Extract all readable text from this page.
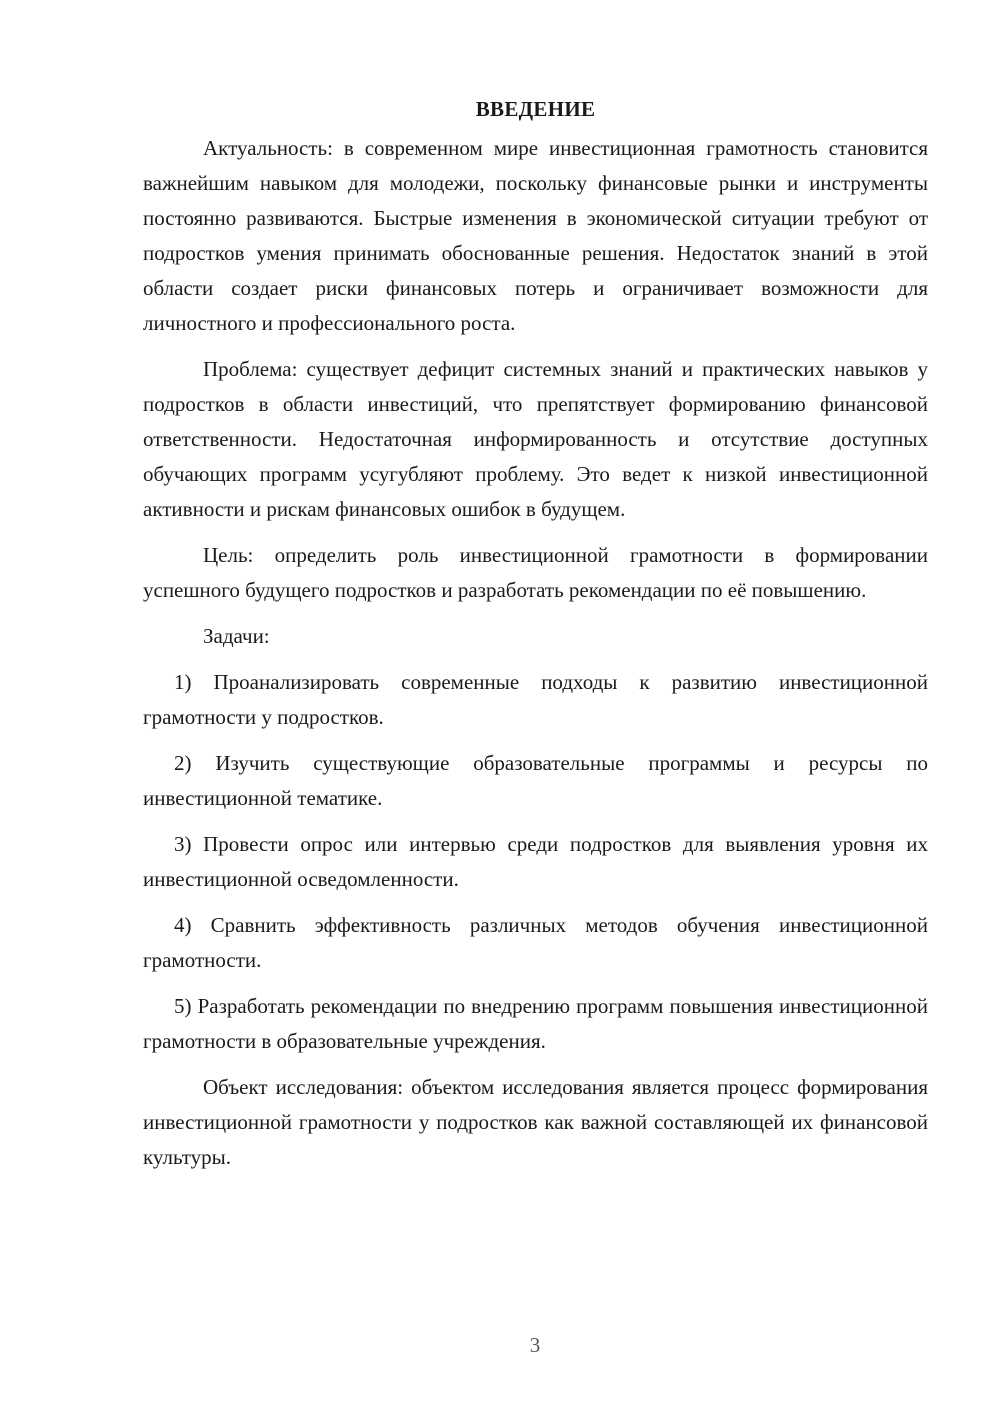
ВВЕДЕНИЕ

Актуальность: в современном мире инвестиционная грамотность становится важнейшим навыком для молодежи, поскольку финансовые рынки и инструменты постоянно развиваются. Быстрые изменения в экономической ситуации требуют от подростков умения принимать обоснованные решения. Недостаток знаний в этой области создает риски финансовых потерь и ограничивает возможности для личностного и профессионального роста.

Проблема: существует дефицит системных знаний и практических навыков у подростков в области инвестиций, что препятствует формированию финансовой ответственности. Недостаточная информированность и отсутствие доступных обучающих программ усугубляют проблему. Это ведет к низкой инвестиционной активности и рискам финансовых ошибок в будущем.

Цель: определить роль инвестиционной грамотности в формировании успешного будущего подростков и разработать рекомендации по её повышению.

Задачи:

1) Проанализировать современные подходы к развитию инвестиционной грамотности у подростков.

2) Изучить существующие образовательные программы и ресурсы по инвестиционной тематике.

3) Провести опрос или интервью среди подростков для выявления уровня их инвестиционной осведомленности.

4) Сравнить эффективность различных методов обучения инвестиционной грамотности.

5) Разработать рекомендации по внедрению программ повышения инвестиционной грамотности в образовательные учреждения.

Объект исследования: объектом исследования является процесс формирования инвестиционной грамотности у подростков как важной составляющей их финансовой культуры.

3
